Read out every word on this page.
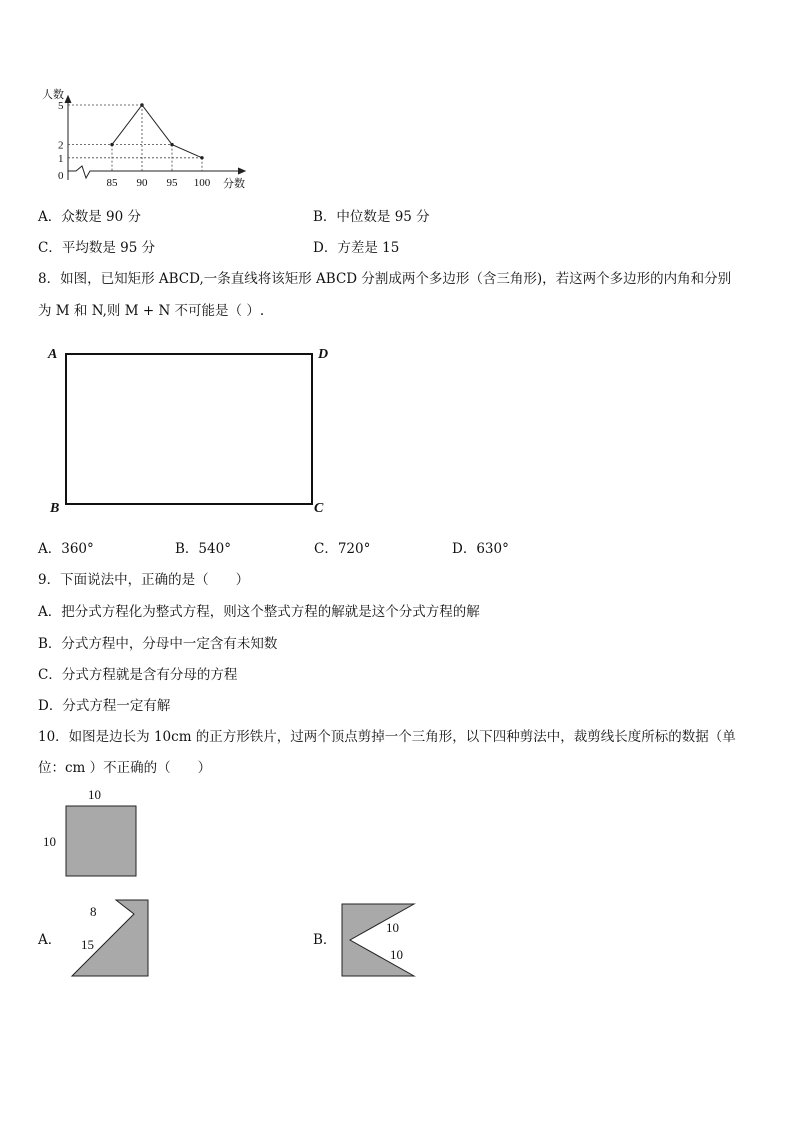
人数
分数
0
5
2
1
85 90 95 100
A．众数是 90 分	B．中位数是 95 分
C．平均数是 95 分	D．方差是 15
8．如图，已知矩形 ABCD,一条直线将该矩形 ABCD 分割成两个多边形（含三角形)，若这两个多边形的内角和分别
为 M 和 N,则 M + N 不可能是（ ）.
A	D
B	C
A．360°	B．540°	C．720°	D．630°
9．下面说法中，正确的是（　　）
A．把分式方程化为整式方程，则这个整式方程的解就是这个分式方程的解
B．分式方程中，分母中一定含有未知数
C．分式方程就是含有分母的方程
D．分式方程一定有解
10．如图是边长为 10cm 的正方形铁片，过两个顶点剪掉一个三角形，以下四种剪法中，裁剪线长度所标的数据（单
位：cm ）不正确的（　　）
10
10
A．
8
15	B．
10
10
